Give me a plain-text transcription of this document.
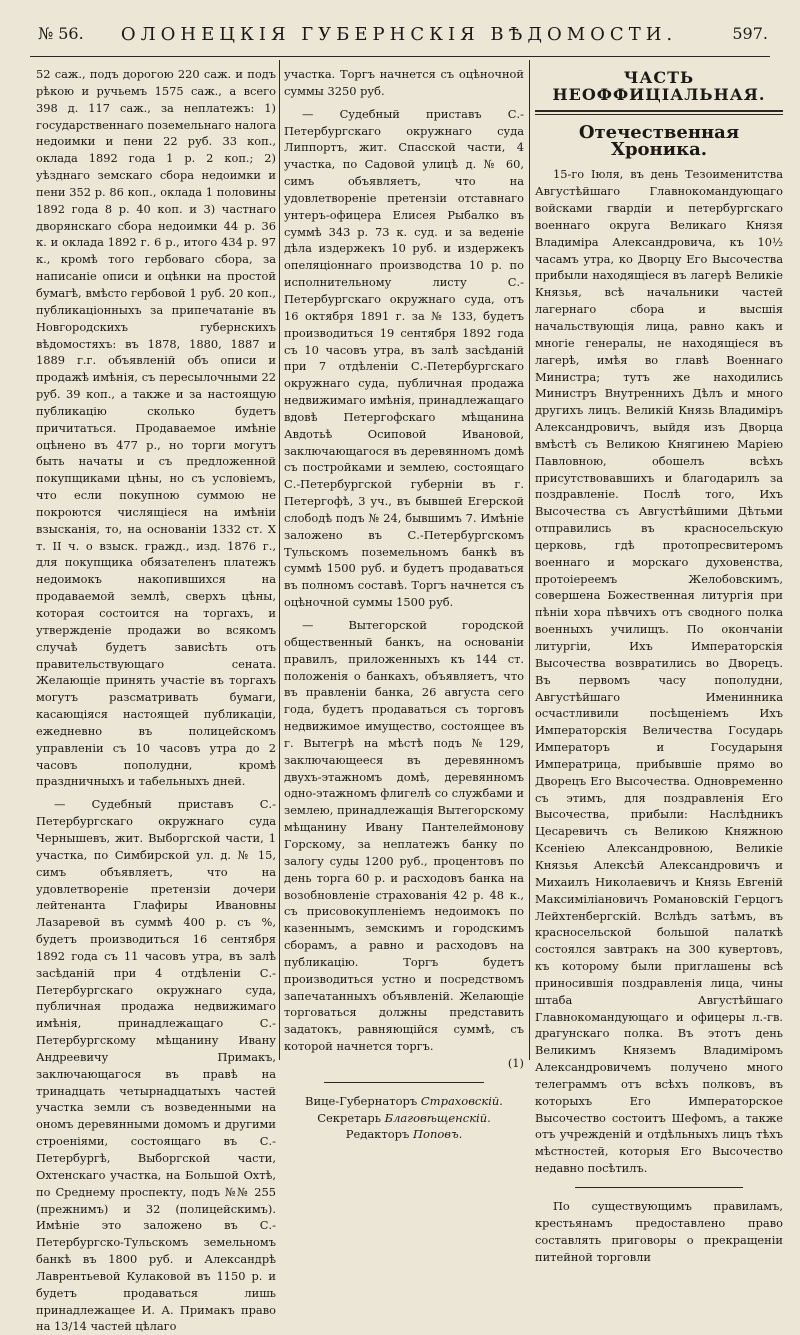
№ 56.	ОЛОНЕЦКІЯ ГУБЕРНСКІЯ ВѢДОМОСТИ.	597.

52 саж., подъ дорогою 220 саж. и подъ рѣкою и ручьемъ 1575 саж., а всего 398 д. 117 саж., за неплатежъ: 1) государственнаго поземельнаго налога недоимки и пени 22 руб. 33 коп., оклада 1892 года 1 р. 2 коп.; 2) уѣзднаго земскаго сбора недоимки и пени 352 р. 86 коп., оклада 1 половины 1892 года 8 р. 40 коп. и 3) частнаго дворянскаго сбора недоимки 44 р. 36 к. и оклада 1892 г. 6 р., итого 434 р. 97 к., кромѣ того гербоваго сбора, за написаніе описи и оцѣнки на простой бумагѣ, вмѣсто гербовой 1 руб. 20 коп., публикаціонныхъ за припечатаніе въ Новгородскихъ губернскихъ вѣдомостяхъ: въ 1878, 1880, 1887 и 1889 г.г. объявленій объ описи и продажѣ имѣнія, съ пересылочными 22 руб. 39 коп., а также и за настоящую публикацію сколько будетъ причитаться. Продаваемое имѣніе оцѣнено въ 477 р., но торги могутъ быть начаты и съ предложенной покупщиками цѣны, но съ условіемъ, что если покупною суммою не покроются числящіеся на имѣніи взысканія, то, на основаніи 1332 ст. X т. II ч. о взыск. гражд., изд. 1876 г., для покупщика обязателенъ платежъ недоимокъ накопившихся на продаваемой землѣ, сверхъ цѣны, которая состоится на торгахъ, и утвержденіе продажи во всякомъ случаѣ будетъ зависѣть отъ правительствующаго сената. Желающіе принять участіе въ торгахъ могутъ разсматривать бумаги, касающіяся настоящей публикаціи, ежедневно въ полицейскомъ управленіи съ 10 часовъ утра до 2 часовъ пополудни, кромѣ праздничныхъ и табельныхъ дней.

— Судебный приставъ С.-Петербургскаго окружнаго суда Чернышевъ, жит. Выборгской части, 1 участка, по Симбирской ул. д. № 15, симъ объявляетъ, что на удовлетвореніе претензіи дочери лейтенанта Глафиры Ивановны Лазаревой въ суммѣ 400 р. съ %, будетъ производиться 16 сентября 1892 года съ 11 часовъ утра, въ залѣ засѣданій при 4 отдѣленіи С.-Петербургскаго окружнаго суда, публичная продажа недвижимаго имѣнія, принадлежащаго С.-Петербургскому мѣщанину Ивану Андреевичу Примакъ, заключающагося въ правѣ на тринадцать четырнадцатыхъ частей участка земли съ возведенными на ономъ деревянными домомъ и другими строеніями, состоящаго въ С.-Петербургѣ, Выборгской части, Охтенскаго участка, на Большой Охтѣ, по Среднему проспекту, подъ №№ 255 (прежнимъ) и 32 (полицейскимъ). Имѣніе это заложено въ С.-Петербургско-Тульскомъ земельномъ банкѣ въ 1800 руб. и Александрѣ Лаврентьевой Кулаковой въ 1150 р. и будетъ продаваться лишь принадлежащее И. А. Примакъ право на 13/14 частей цѣлаго

участка. Торгъ начнется съ оцѣночной суммы 3250 руб.

— Судебный приставъ С.-Петербургскаго окружнаго суда Липпортъ, жит. Спасской части, 4 участка, по Садовой улицѣ д. № 60, симъ объявляетъ, что на удовлетвореніе претензіи отставнаго унтеръ-офицера Елисея Рыбалко въ суммѣ 343 р. 73 к. суд. и за веденіе дѣла издержекъ 10 руб. и издержекъ опеляціоннаго производства 10 р. по исполнительному листу С.-Петербургскаго окружнаго суда, отъ 16 октября 1891 г. за № 133, будетъ производиться 19 сентября 1892 года съ 10 часовъ утра, въ залѣ засѣданій при 7 отдѣленіи С.-Петербургскаго окружнаго суда, публичная продажа недвижимаго имѣнія, принадлежащаго вдовѣ Петергофскаго мѣщанина Авдотьѣ Осиповой Ивановой, заключающагося въ деревянномъ домѣ съ постройками и землею, состоящаго С.-Петербургской губерніи въ г. Петергофѣ, 3 уч., въ бывшей Егерской слободѣ подъ № 24, бывшимъ 7. Имѣніе заложено въ С.-Петербургскомъ Тульскомъ поземельномъ банкѣ въ суммѣ 1500 руб. и будетъ продаваться въ полномъ составѣ. Торгъ начнется съ оцѣночной суммы 1500 руб.

— Вытегорской городской общественный банкъ, на основаніи правилъ, приложенныхъ къ 144 ст. положенія о банкахъ, объявляетъ, что въ правленіи банка, 26 августа сего года, будетъ продаваться съ торговъ недвижимое имущество, состоящее въ г. Вытегрѣ на мѣстѣ подъ № 129, заключающееся въ деревянномъ двухъ-этажномъ домѣ, деревянномъ одно-этажномъ флигелѣ со службами и землею, принадлежащія Вытегорскому мѣщанину Ивану Пантелеймонову Горскому, за неплатежъ банку по залогу суды 1200 руб., процентовъ по день торга 60 р. и расходовъ банка на возобновленіе страхованія 42 р. 48 к., съ присовокупленіемъ недоимокъ по казеннымъ, земскимъ и городскимъ сборамъ, а равно и расходовъ на публикацію. Торгъ будетъ производиться устно и посредствомъ запечатанныхъ объявленій. Желающіе торговаться должны представить задатокъ, равняющійся суммѣ, съ которой начнется торгъ.

(1)

Вице-Губернаторъ Страховскій.

Секретарь Благовѣщенскій.

Редакторъ Поповъ.

ЧАСТЬ НЕОФФИЦІАЛЬНАЯ.
Отечественная Хроника.

15-го Іюля, въ день Тезоименитства Августѣйшаго Главнокомандующаго войсками гвардіи и петербургскаго военнаго округа Великаго Князя Владиміра Александровича, къ 10½ часамъ утра, ко Дворцу Его Высочества прибыли находящіеся въ лагерѣ Великіе Князья, всѣ начальники частей лагернаго сбора и высшія начальствующія лица, равно какъ и многіе генералы, не находящіеся въ лагерѣ, имѣя во главѣ Военнаго Министра; тутъ же находились Министръ Внутреннихъ Дѣлъ и много другихъ лицъ. Великій Князь Владиміръ Александровичъ, выйдя изъ Дворца вмѣстѣ съ Великою Княгинею Маріею Павловною, обошелъ всѣхъ присутствовавшихъ и благодарилъ за поздравленіе. Послѣ того, Ихъ Высочества съ Августѣйшими Дѣтьми отправились въ красносельскую церковь, гдѣ протопресвитеромъ военнаго и морскаго духовенства, протоіереемъ Желобовскимъ, совершена Божественная литургія при пѣніи хора пѣвчихъ отъ сводного полка военныхъ училищъ. По окончаніи литургіи, Ихъ Императорскія Высочества возвратились во Дворецъ. Въ первомъ часу пополудни, Августѣйшаго Именинника осчастливили посѣщеніемъ Ихъ Императорскія Величества Государь Императоръ и Государыня Императрица, прибывшіе прямо во Дворецъ Его Высочества. Одновременно съ этимъ, для поздравленія Его Высочества, прибыли: Наслѣдникъ Цесаревичъ съ Великою Княжною Ксеніею Александровною, Великіе Князья Алексѣй Александровичъ и Михаилъ Николаевичъ и Князь Евгеній Максиміліановичъ Романовскій Герцогъ Лейхтенбергскій. Вслѣдъ затѣмъ, въ красносельской большой палаткѣ состоялся завтракъ на 300 кувертовъ, къ которому были приглашены всѣ приносившія поздравленія лица, чины штаба Августѣйшаго Главнокомандующаго и офицеры л.-гв. драгунскаго полка. Въ этотъ день Великимъ Княземъ Владиміромъ Александровичемъ получено много телеграммъ отъ всѣхъ полковъ, въ которыхъ Его Императорское Высочество состоитъ Шефомъ, а также отъ учрежденій и отдѣльныхъ лицъ тѣхъ мѣстностей, которыя Его Высочество недавно посѣтилъ.

По существующимъ правиламъ, крестьянамъ предоставлено право составлять приговоры о прекращеніи питейной торговли
